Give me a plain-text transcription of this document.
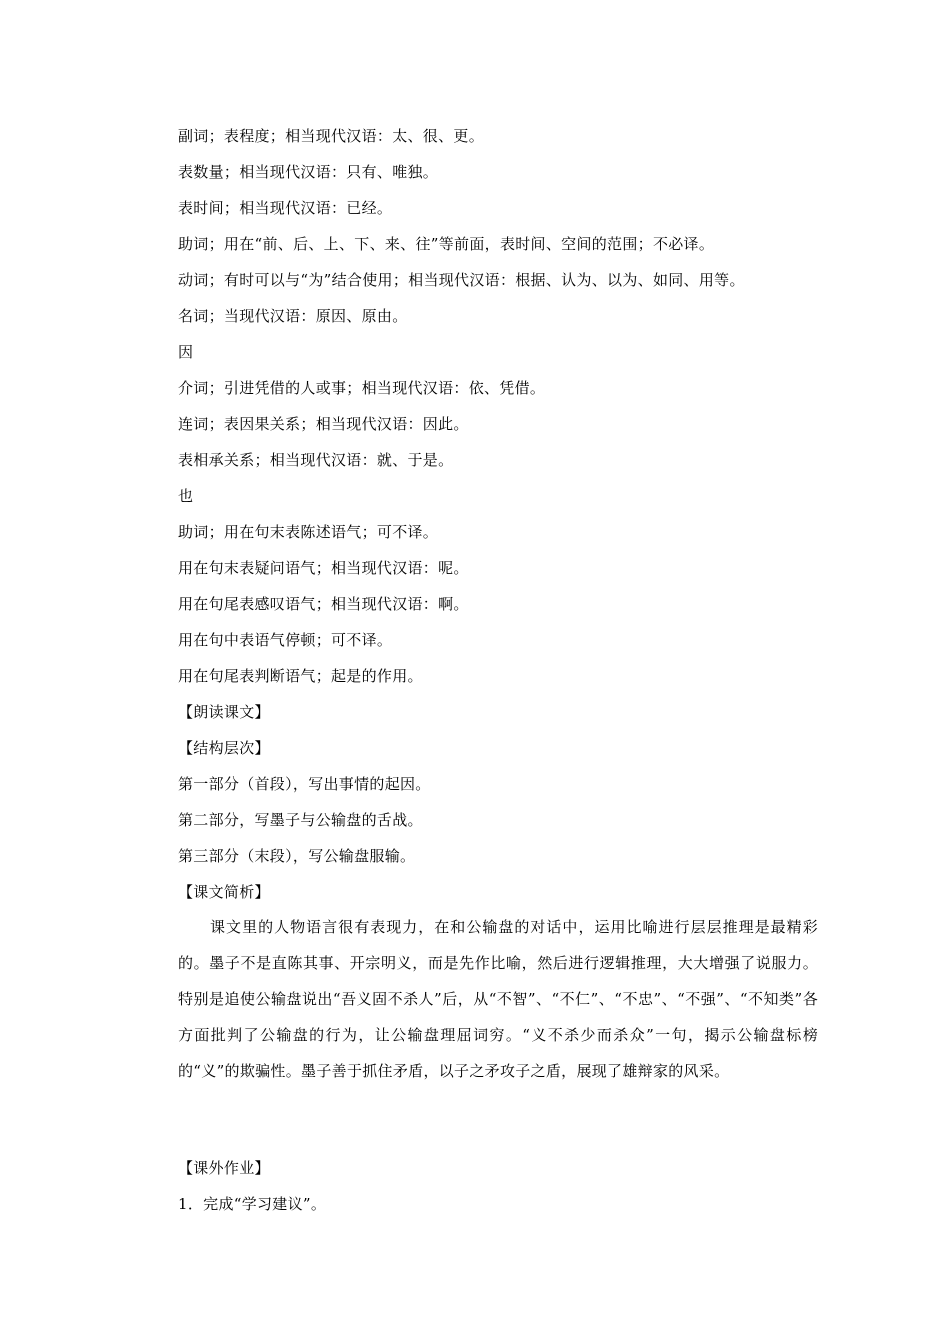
副词；表程度；相当现代汉语：太、很、更。
表数量；相当现代汉语：只有、唯独。
表时间；相当现代汉语：已经。
助词；用在“前、后、上、下、来、往”等前面，表时间、空间的范围；不必译。
动词；有时可以与“为”结合使用；相当现代汉语：根据、认为、以为、如同、用等。
名词；当现代汉语：原因、原由。
因
介词；引进凭借的人或事；相当现代汉语：依、凭借。
连词；表因果关系；相当现代汉语：因此。
表相承关系；相当现代汉语：就、于是。
也
助词；用在句末表陈述语气；可不译。
用在句末表疑问语气；相当现代汉语：呢。
用在句尾表感叹语气；相当现代汉语：啊。
用在句中表语气停顿；可不译。
用在句尾表判断语气；起是的作用。
【朗读课文】
【结构层次】
第一部分（首段），写出事情的起因。
第二部分，写墨子与公输盘的舌战。
第三部分（末段），写公输盘服输。
【课文简析】
　　课文里的人物语言很有表现力，在和公输盘的对话中，运用比喻进行层层推理是最精彩的。墨子不是直陈其事、开宗明义，而是先作比喻，然后进行逻辑推理，大大增强了说服力。特别是追使公输盘说出“吾义固不杀人”后，从“不智”、“不仁”、“不忠”、“不强”、“不知类”各方面批判了公输盘的行为，让公输盘理屈词穷。“义不杀少而杀众”一句，揭示公输盘标榜的“义”的欺骗性。墨子善于抓住矛盾，以子之矛攻子之盾，展现了雄辩家的风采。
【课外作业】
1．完成“学习建议”。
